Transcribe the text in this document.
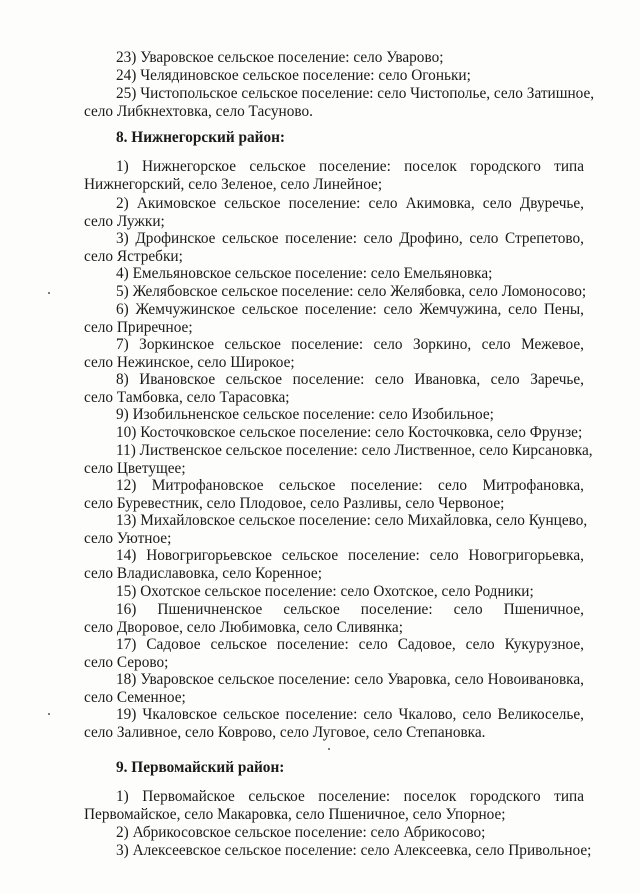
23) Уваровское сельское поселение: село Уварово;
24) Челядиновское сельское поселение: село Огоньки;
25) Чистопольское сельское поселение: село Чистополье, село Затишное,
село Либкнехтовка, село Тасуново.
8. Нижнегорский район:
1) Нижнегорское сельское поселение: поселок городского типа
Нижнегорский, село Зеленое, село Линейное;
2) Акимовское сельское поселение: село Акимовка, село Двуречье,
село Лужки;
3) Дрофинское сельское поселение: село Дрофино, село Стрепетово,
село Ястребки;
4) Емельяновское сельское поселение: село Емельяновка;
5) Желябовское сельское поселение: село Желябовка, село Ломоносово;
6) Жемчужинское сельское поселение: село Жемчужина, село Пены,
село Приречное;
7) Зоркинское сельское поселение: село Зоркино, село Межевое,
село Нежинское, село Широкое;
8) Ивановское сельское поселение: село Ивановка, село Заречье,
село Тамбовка, село Тарасовка;
9) Изобильненское сельское поселение: село Изобильное;
10) Косточковское сельское поселение: село Косточковка, село Фрунзе;
11) Лиственское сельское поселение: село Лиственное, село Кирсановка,
село Цветущее;
12) Митрофановское сельское поселение: село Митрофановка,
село Буревестник, село Плодовое, село Разливы, село Червоное;
13) Михайловское сельское поселение: село Михайловка, село Кунцево,
село Уютное;
14) Новогригорьевское сельское поселение: село Новогригорьевка,
село Владиславовка, село Коренное;
15) Охотское сельское поселение: село Охотское, село Родники;
16) Пшеничненское сельское поселение: село Пшеничное,
село Дворовое, село Любимовка, село Сливянка;
17) Садовое сельское поселение: село Садовое, село Кукурузное,
село Серово;
18) Уваровское сельское поселение: село Уваровка, село Новоивановка,
село Семенное;
19) Чкаловское сельское поселение: село Чкалово, село Великоселье,
село Заливное, село Коврово, село Луговое, село Степановка.
9. Первомайский район:
1) Первомайское сельское поселение: поселок городского типа
Первомайское, село Макаровка, село Пшеничное, село Упорное;
2) Абрикосовское сельское поселение: село Абрикосово;
3) Алексеевское сельское поселение: село Алексеевка, село Привольное;
